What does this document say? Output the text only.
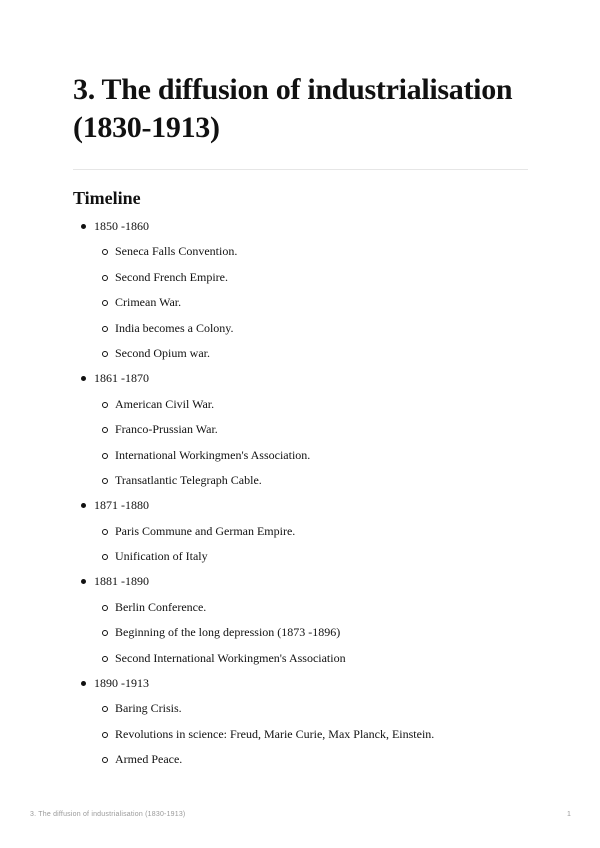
3. The diffusion of industrialisation
(1830-1913)
Timeline
1850 -1860
Seneca Falls Convention.
Second French Empire.
Crimean War.
India becomes a Colony.
Second Opium war.
1861 -1870
American Civil War.
Franco-Prussian War.
International Workingmen's Association.
Transatlantic Telegraph Cable.
1871 -1880
Paris Commune and German Empire.
Unification of Italy
1881 -1890
Berlin Conference.
Beginning of the long depression (1873 -1896)
Second International Workingmen's Association
1890 -1913
Baring Crisis.
Revolutions in science: Freud, Marie Curie, Max Planck, Einstein.
Armed Peace.
3. The diffusion of industrialisation (1830-1913)	1
